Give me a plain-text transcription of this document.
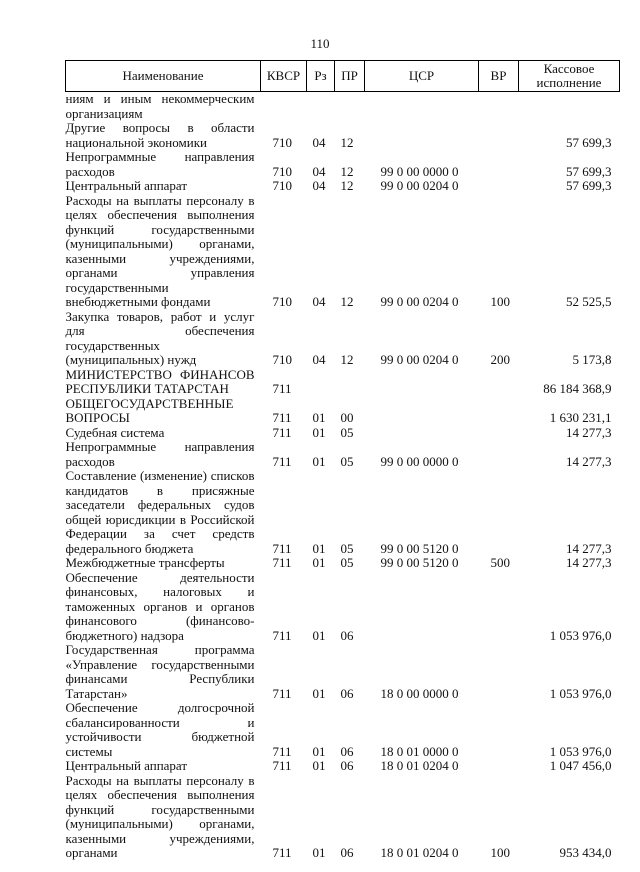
110
Наименование	КВСР	Рз	ПР	ЦСР	ВР	Кассовое исполнение
ниям и иным некоммерческим организациям						
Другие вопросы в области национальной экономики	710	04	12			57 699,3
Непрограммные направления расходов	710	04	12	99 0 00 0000 0		57 699,3
Центральный аппарат	710	04	12	99 0 00 0204 0		57 699,3
Расходы на выплаты персоналу в целях обеспечения выполнения функций государственными (муниципальными) органами, казенными учреждениями, органами управления государственными внебюджетными фондами	710	04	12	99 0 00 0204 0	100	52 525,5
Закупка товаров, работ и услуг для обеспечения государственных (муниципальных) нужд	710	04	12	99 0 00 0204 0	200	5 173,8
МИНИСТЕРСТВО ФИНАНСОВ РЕСПУБЛИКИ ТАТАРСТАН	711					86 184 368,9
ОБЩЕГОСУДАРСТВЕННЫЕ ВОПРОСЫ	711	01	00			1 630 231,1
Судебная система	711	01	05			14 277,3
Непрограммные направления расходов	711	01	05	99 0 00 0000 0		14 277,3
Составление (изменение) списков кандидатов в присяжные заседатели федеральных судов общей юрисдикции в Российской Федерации за счет средств федерального бюджета	711	01	05	99 0 00 5120 0		14 277,3
Межбюджетные трансферты	711	01	05	99 0 00 5120 0	500	14 277,3
Обеспечение деятельности финансовых, налоговых и таможенных органов и органов финансового (финансово-бюджетного) надзора	711	01	06			1 053 976,0
Государственная программа «Управление государственными финансами Республики Татарстан»	711	01	06	18 0 00 0000 0		1 053 976,0
Обеспечение долгосрочной сбалансированности и устойчивости бюджетной системы	711	01	06	18 0 01 0000 0		1 053 976,0
Центральный аппарат	711	01	06	18 0 01 0204 0		1 047 456,0
Расходы на выплаты персоналу в целях обеспечения выполнения функций государственными (муниципальными) органами, казенными учреждениями, органами	711	01	06	18 0 01 0204 0	100	953 434,0
